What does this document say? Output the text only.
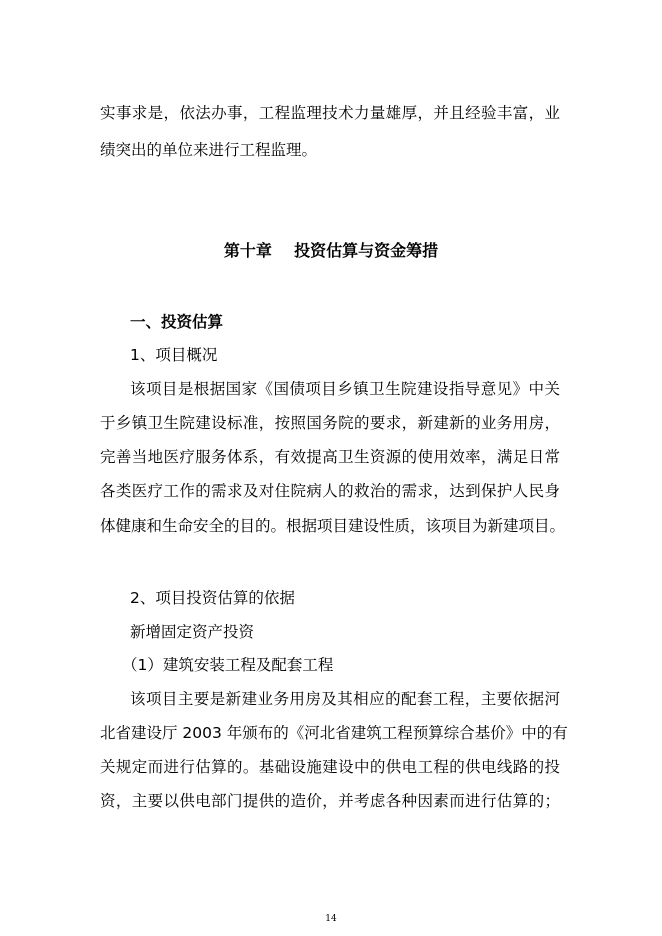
实事求是，依法办事，工程监理技术力量雄厚，并且经验丰富，业
绩突出的单位来进行工程监理。
第十章    投资估算与资金筹措
一、投资估算
1、项目概况
该项目是根据国家《国债项目乡镇卫生院建设指导意见》中关
于乡镇卫生院建设标准，按照国务院的要求，新建新的业务用房，
完善当地医疗服务体系，有效提高卫生资源的使用效率，满足日常
各类医疗工作的需求及对住院病人的救治的需求，达到保护人民身
体健康和生命安全的目的。根据项目建设性质，该项目为新建项目。
2、项目投资估算的依据
新增固定资产投资
（1）建筑安装工程及配套工程
该项目主要是新建业务用房及其相应的配套工程，主要依据河
北省建设厅 2003 年颁布的《河北省建筑工程预算综合基价》中的有
关规定而进行估算的。基础设施建设中的供电工程的供电线路的投
资，主要以供电部门提供的造价，并考虑各种因素而进行估算的；
14
